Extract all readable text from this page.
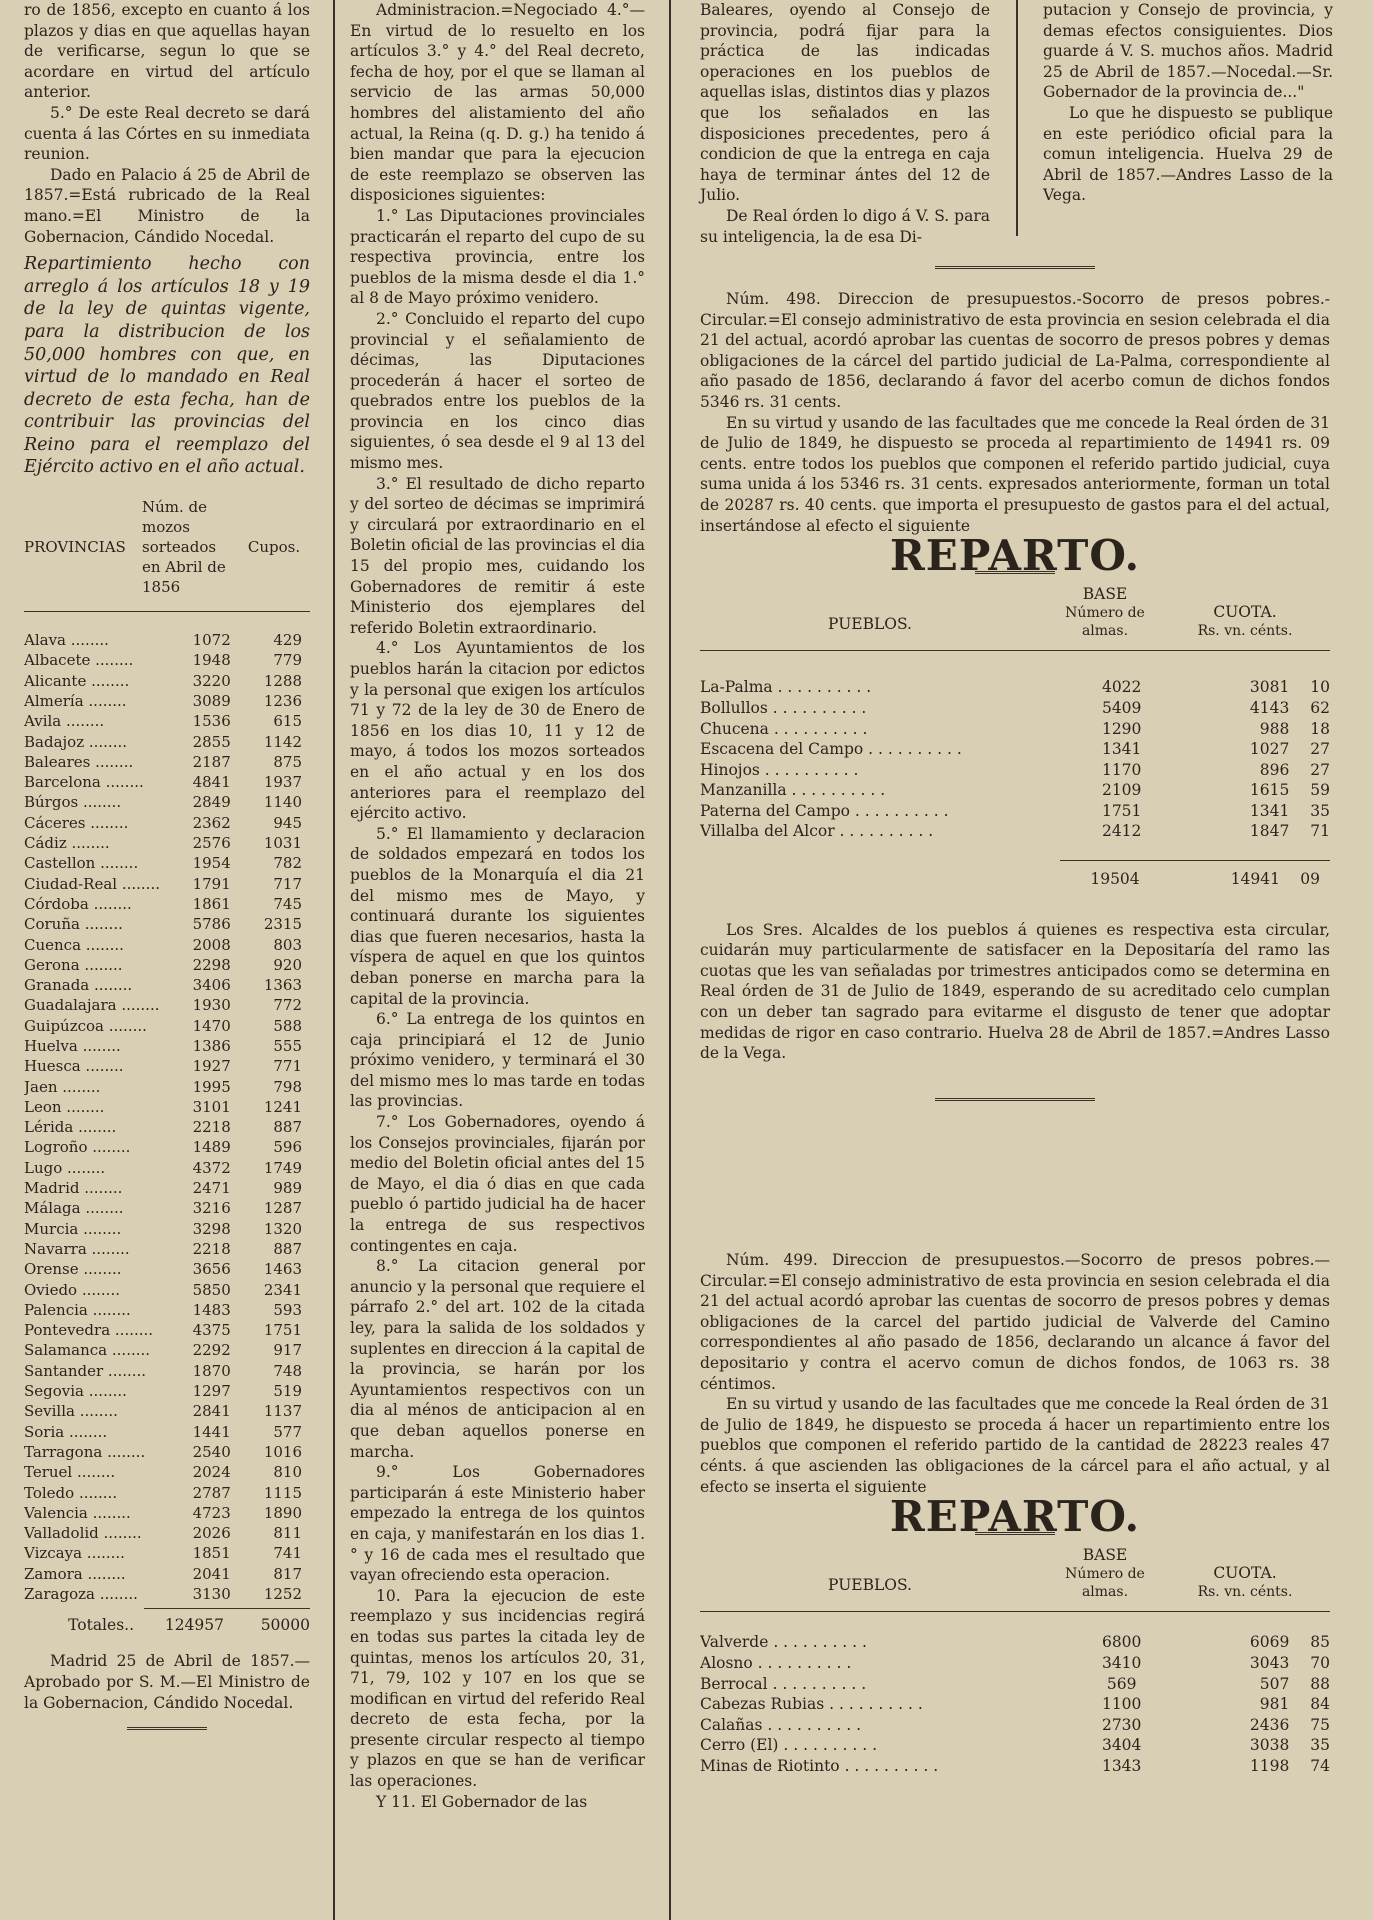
ro de 1856, excepto en cuanto á los plazos y dias en que aquellas hayan de verificarse, segun lo que se acordare en virtud del artículo anterior.

5.° De este Real decreto se dará cuenta á las Córtes en su inmediata reunion.

Dado en Palacio á 25 de Abril de 1857.=Está rubricado de la Real mano.=El Ministro de la Gobernacion, Cándido Nocedal.

Repartimiento hecho con arreglo á los artículos 18 y 19 de la ley de quintas vigente, para la distribucion de los 50,000 hombres con que, en virtud de lo mandado en Real decreto de esta fecha, han de contribuir las provincias del Reino para el reemplazo del Ejército activo en el año actual.
PROVINCIAS
Núm. de mozos sorteados en Abril de 1856
Cupos.
Alava ........	1072	429
Albacete ........	1948	779
Alicante ........	3220	1288
Almería ........	3089	1236
Avila ........	1536	615
Badajoz ........	2855	1142
Baleares ........	2187	875
Barcelona ........	4841	1937
Búrgos ........	2849	1140
Cáceres ........	2362	945
Cádiz ........	2576	1031
Castellon ........	1954	782
Ciudad-Real ........	1791	717
Córdoba ........	1861	745
Coruña ........	5786	2315
Cuenca ........	2008	803
Gerona ........	2298	920
Granada ........	3406	1363
Guadalajara ........	1930	772
Guipúzcoa ........	1470	588
Huelva ........	1386	555
Huesca ........	1927	771
Jaen ........	1995	798
Leon ........	3101	1241
Lérida ........	2218	887
Logroño ........	1489	596
Lugo ........	4372	1749
Madrid ........	2471	989
Málaga ........	3216	1287
Murcia ........	3298	1320
Navarra ........	2218	887
Orense ........	3656	1463
Oviedo ........	5850	2341
Palencia ........	1483	593
Pontevedra ........	4375	1751
Salamanca ........	2292	917
Santander ........	1870	748
Segovia ........	1297	519
Sevilla ........	2841	1137
Soria ........	1441	577
Tarragona ........	2540	1016
Teruel ........	2024	810
Toledo ........	2787	1115
Valencia ........	4723	1890
Valladolid ........	2026	811
Vizcaya ........	1851	741
Zamora ........	2041	817
Zaragoza ........	3130	1252
Totales..	124957	50000

Madrid 25 de Abril de 1857.—Aprobado por S. M.—El Ministro de la Gobernacion, Cándido Nocedal.

Administracion.=Negociado 4.°—En virtud de lo resuelto en los artículos 3.° y 4.° del Real decreto, fecha de hoy, por el que se llaman al servicio de las armas 50,000 hombres del alistamiento del año actual, la Reina (q. D. g.) ha tenido á bien mandar que para la ejecucion de este reemplazo se observen las disposiciones siguientes:

1.° Las Diputaciones provinciales practicarán el reparto del cupo de su respectiva provincia, entre los pueblos de la misma desde el dia 1.° al 8 de Mayo próximo venidero.

2.° Concluido el reparto del cupo provincial y el señalamiento de décimas, las Diputaciones procederán á hacer el sorteo de quebrados entre los pueblos de la provincia en los cinco dias siguientes, ó sea desde el 9 al 13 del mismo mes.

3.° El resultado de dicho reparto y del sorteo de décimas se imprimirá y circulará por extraordinario en el Boletin oficial de las provincias el dia 15 del propio mes, cuidando los Gobernadores de remitir á este Ministerio dos ejemplares del referido Boletin extraordinario.

4.° Los Ayuntamientos de los pueblos harán la citacion por edictos y la personal que exigen los artículos 71 y 72 de la ley de 30 de Enero de 1856 en los dias 10, 11 y 12 de mayo, á todos los mozos sorteados en el año actual y en los dos anteriores para el reemplazo del ejército activo.

5.° El llamamiento y declaracion de soldados empezará en todos los pueblos de la Monarquía el dia 21 del mismo mes de Mayo, y continuará durante los siguientes dias que fueren necesarios, hasta la víspera de aquel en que los quintos deban ponerse en marcha para la capital de la provincia.

6.° La entrega de los quintos en caja principiará el 12 de Junio próximo venidero, y terminará el 30 del mismo mes lo mas tarde en todas las provincias.

7.° Los Gobernadores, oyendo á los Consejos provinciales, fijarán por medio del Boletin oficial antes del 15 de Mayo, el dia ó dias en que cada pueblo ó partido judicial ha de hacer la entrega de sus respectivos contingentes en caja.

8.° La citacion general por anuncio y la personal que requiere el párrafo 2.° del art. 102 de la citada ley, para la salida de los soldados y suplentes en direccion á la capital de la provincia, se harán por los Ayuntamientos respectivos con un dia al ménos de anticipacion al en que deban aquellos ponerse en marcha.

9.° Los Gobernadores participarán á este Ministerio haber empezado la entrega de los quintos en caja, y manifestarán en los dias 1.° y 16 de cada mes el resultado que vayan ofreciendo esta operacion.

10. Para la ejecucion de este reemplazo y sus incidencias regirá en todas sus partes la citada ley de quintas, menos los artículos 20, 31, 71, 79, 102 y 107 en los que se modifican en virtud del referido Real decreto de esta fecha, por la presente circular respecto al tiempo y plazos en que se han de verificar las operaciones.

Y 11. El Gobernador de las

Baleares, oyendo al Consejo de provincia, podrá fijar para la práctica de las indicadas operaciones en los pueblos de aquellas islas, distintos dias y plazos que los señalados en las disposiciones precedentes, pero á condicion de que la entrega en caja haya de terminar ántes del 12 de Julio.

De Real órden lo digo á V. S. para su inteligencia, la de esa Di-

putacion y Consejo de provincia, y demas efectos consiguientes. Dios guarde á V. S. muchos años. Madrid 25 de Abril de 1857.—Nocedal.—Sr. Gobernador de la provincia de..."

Lo que he dispuesto se publique en este periódico oficial para la comun inteligencia. Huelva 29 de Abril de 1857.—Andres Lasso de la Vega.

Núm. 498. Direccion de presupuestos.-Socorro de presos pobres.-Circular.=El consejo administrativo de esta provincia en sesion celebrada el dia 21 del actual, acordó aprobar las cuentas de socorro de presos pobres y demas obligaciones de la cárcel del partido judicial de La-Palma, correspondiente al año pasado de 1856, declarando á favor del acerbo comun de dichos fondos 5346 rs. 31 cents.

En su virtud y usando de las facultades que me concede la Real órden de 31 de Julio de 1849, he dispuesto se proceda al repartimiento de 14941 rs. 09 cents. entre todos los pueblos que componen el referido partido judicial, cuya suma unida á los 5346 rs. 31 cents. expresados anteriormente, forman un total de 20287 rs. 40 cents. que importa el presupuesto de gastos para el del actual, insertándose al efecto el siguiente

REPARTO.
PUEBLOS.
BASE
Número de almas.
CUOTA.
Rs. vn. cénts.
La-Palma . . . . . . . . . .	4022	3081	10
Bollullos . . . . . . . . . .	5409	4143	62
Chucena . . . . . . . . . .	1290	988	18
Escacena del Campo . . . . . . . . . .	1341	1027	27
Hinojos . . . . . . . . . .	1170	896	27
Manzanilla . . . . . . . . . .	2109	1615	59
Paterna del Campo . . . . . . . . . .	1751	1341	35
Villalba del Alcor . . . . . . . . . .	2412	1847	71
19504	14941	09

Los Sres. Alcaldes de los pueblos á quienes es respectiva esta circular, cuidarán muy particularmente de satisfacer en la Depositaría del ramo las cuotas que les van señaladas por trimestres anticipados como se determina en Real órden de 31 de Julio de 1849, esperando de su acreditado celo cumplan con un deber tan sagrado para evitarme el disgusto de tener que adoptar medidas de rigor en caso contrario. Huelva 28 de Abril de 1857.=Andres Lasso de la Vega.

Núm. 499. Direccion de presupuestos.—Socorro de presos pobres.—Circular.=El consejo administrativo de esta provincia en sesion celebrada el dia 21 del actual acordó aprobar las cuentas de socorro de presos pobres y demas obligaciones de la carcel del partido judicial de Valverde del Camino correspondientes al año pasado de 1856, declarando un alcance á favor del depositario y contra el acervo comun de dichos fondos, de 1063 rs. 38 céntimos.

En su virtud y usando de las facultades que me concede la Real órden de 31 de Julio de 1849, he dispuesto se proceda á hacer un repartimiento entre los pueblos que componen el referido partido de la cantidad de 28223 reales 47 cénts. á que ascienden las obligaciones de la cárcel para el año actual, y al efecto se inserta el siguiente

REPARTO.
PUEBLOS.
BASE
Número de almas.
CUOTA.
Rs. vn. cénts.
Valverde . . . . . . . . . .	6800	6069	85
Alosno . . . . . . . . . .	3410	3043	70
Berrocal . . . . . . . . . .	569	507	88
Cabezas Rubias . . . . . . . . . .	1100	981	84
Calañas . . . . . . . . . .	2730	2436	75
Cerro (El) . . . . . . . . . .	3404	3038	35
Minas de Riotinto . . . . . . . . . .	1343	1198	74
